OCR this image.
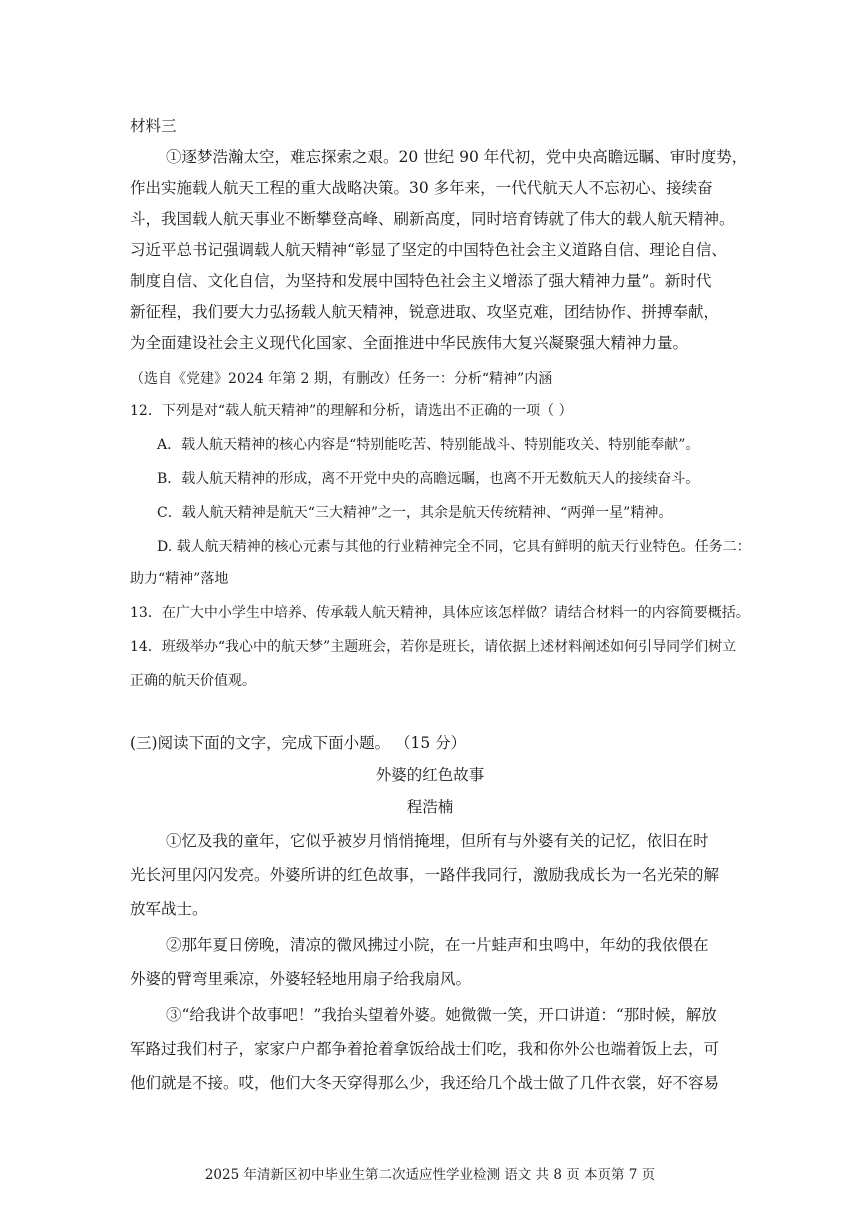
材料三
①逐梦浩瀚太空，难忘探索之艰。20 世纪 90 年代初，党中央高瞻远瞩、审时度势，
作出实施载人航天工程的重大战略决策。30 多年来，一代代航天人不忘初心、接续奋
斗，我国载人航天事业不断攀登高峰、刷新高度，同时培育铸就了伟大的载人航天精神。
习近平总书记强调载人航天精神“彰显了坚定的中国特色社会主义道路自信、理论自信、
制度自信、文化自信，为坚持和发展中国特色社会主义增添了强大精神力量”。新时代
新征程，我们要大力弘扬载人航天精神，锐意进取、攻坚克难，团结协作、拼搏奉献，
为全面建设社会主义现代化国家、全面推进中华民族伟大复兴凝聚强大精神力量。
（选自《党建》2024 年第 2 期，有删改）任务一：分析“精神”内涵
12．下列是对“载人航天精神”的理解和分析，请选出不正确的一项（ ）
A．载人航天精神的核心内容是“特别能吃苦、特别能战斗、特别能攻关、特别能奉献”。
B．载人航天精神的形成，离不开党中央的高瞻远瞩，也离不开无数航天人的接续奋斗。
C．载人航天精神是航天“三大精神”之一，其余是航天传统精神、“两弹一星”精神。
D. 载人航天精神的核心元素与其他的行业精神完全不同，它具有鲜明的航天行业特色。任务二：
助力“精神”落地
13．在广大中小学生中培养、传承载人航天精神，具体应该怎样做？请结合材料一的内容简要概括。
14．班级举办“我心中的航天梦”主题班会，若你是班长，请依据上述材料阐述如何引导同学们树立
正确的航天价值观。
(三)阅读下面的文字，完成下面小题。 （15 分）
外婆的红色故事
程浩楠
①忆及我的童年，它似乎被岁月悄悄掩埋，但所有与外婆有关的记忆，依旧在时
光长河里闪闪发亮。外婆所讲的红色故事，一路伴我同行，激励我成长为一名光荣的解
放军战士。
②那年夏日傍晚，清凉的微风拂过小院，在一片蛙声和虫鸣中，年幼的我依偎在
外婆的臂弯里乘凉，外婆轻轻地用扇子给我扇风。
③“给我讲个故事吧！”我抬头望着外婆。她微微一笑，开口讲道：“那时候，解放
军路过我们村子，家家户户都争着抢着拿饭给战士们吃，我和你外公也端着饭上去，可
他们就是不接。哎，他们大冬天穿得那么少，我还给几个战士做了几件衣裳，好不容易
2025 年清新区初中毕业生第二次适应性学业检测 语文 共 8 页 本页第 7 页
